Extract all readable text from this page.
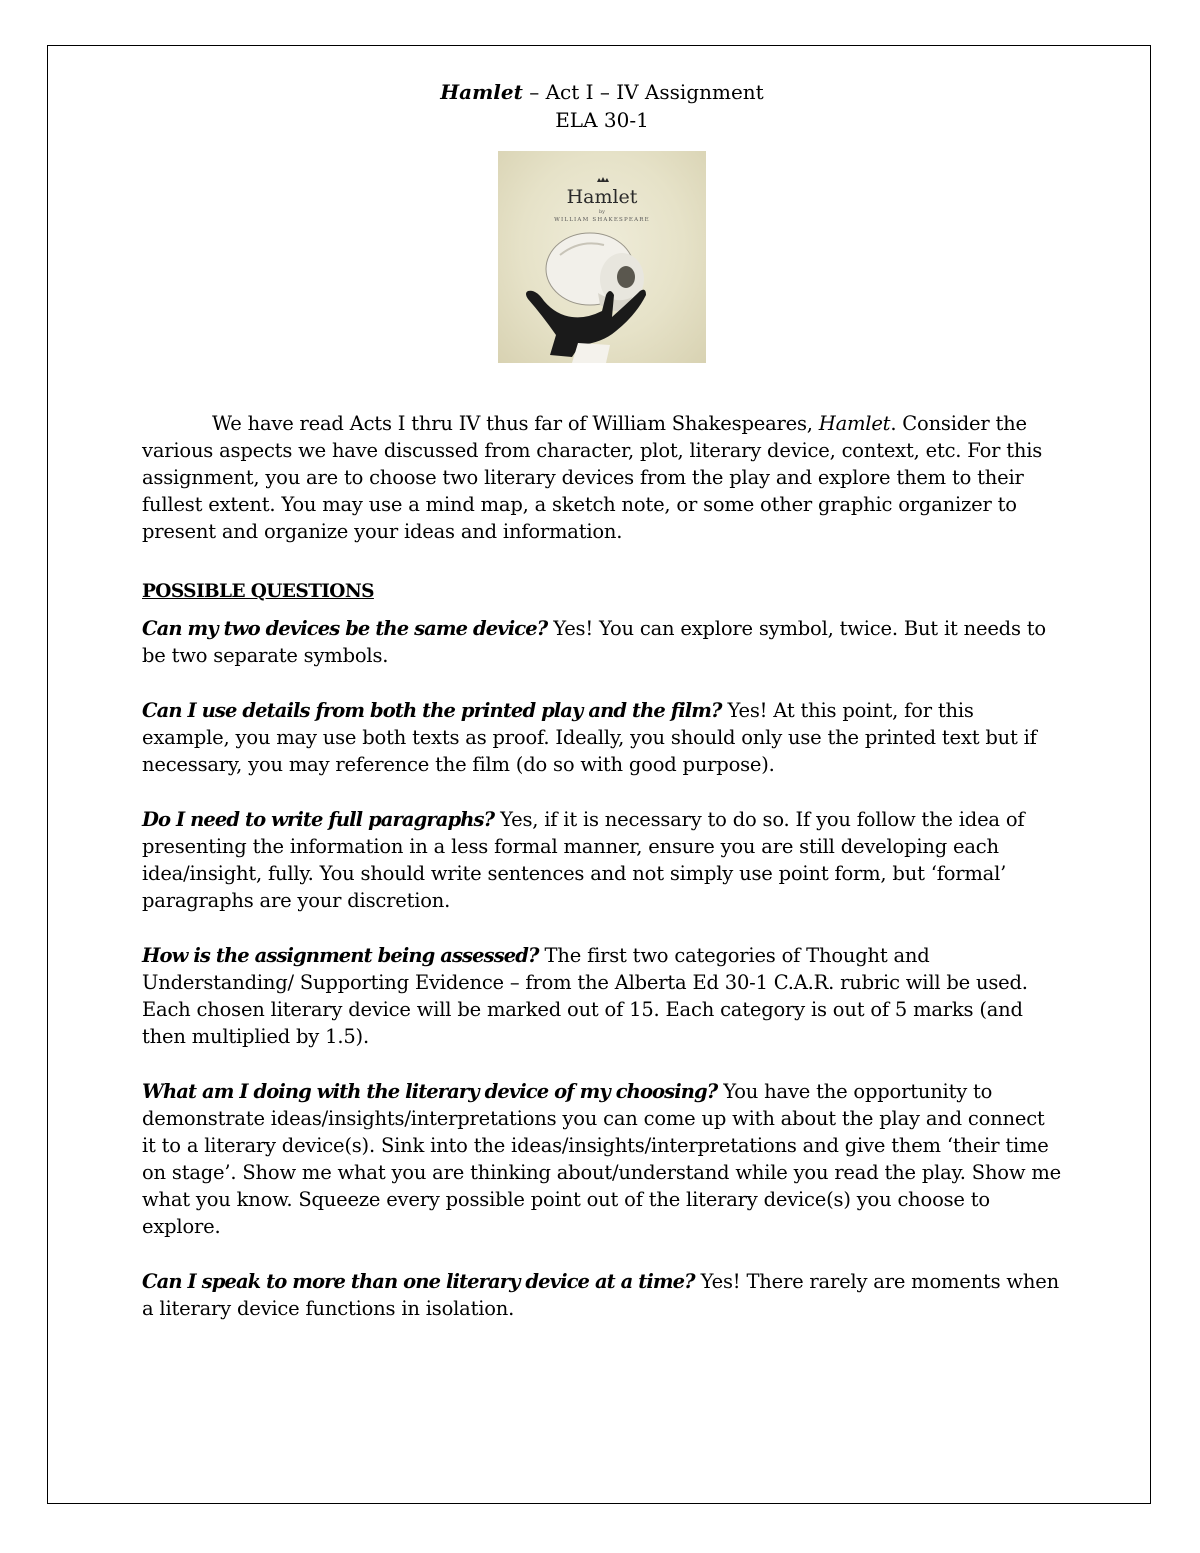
Hamlet – Act I – IV Assignment
ELA 30-1
Hamlet
by
WILLIAM SHAKESPEARE

We have read Acts I thru IV thus far of William Shakespeares, Hamlet. Consider the various aspects we have discussed from character, plot, literary device, context, etc. For this assignment, you are to choose two literary devices from the play and explore them to their fullest extent. You may use a mind map, a sketch note, or some other graphic organizer to present and organize your ideas and information.

POSSIBLE QUESTIONS

Can my two devices be the same device? Yes! You can explore symbol, twice. But it needs to be two separate symbols.

Can I use details from both the printed play and the film? Yes! At this point, for this example, you may use both texts as proof. Ideally, you should only use the printed text but if necessary, you may reference the film (do so with good purpose).

Do I need to write full paragraphs? Yes, if it is necessary to do so. If you follow the idea of presenting the information in a less formal manner, ensure you are still developing each idea/insight, fully. You should write sentences and not simply use point form, but ‘formal’ paragraphs are your discretion.

How is the assignment being assessed? The first two categories of Thought and Understanding/ Supporting Evidence – from the Alberta Ed 30-1 C.A.R. rubric will be used. Each chosen literary device will be marked out of 15. Each category is out of 5 marks (and then multiplied by 1.5).

What am I doing with the literary device of my choosing? You have the opportunity to demonstrate ideas/insights/interpretations you can come up with about the play and connect it to a literary device(s). Sink into the ideas/insights/interpretations and give them ‘their time on stage’. Show me what you are thinking about/understand while you read the play. Show me what you know. Squeeze every possible point out of the literary device(s) you choose to explore.

Can I speak to more than one literary device at a time? Yes! There rarely are moments when a literary device functions in isolation.
